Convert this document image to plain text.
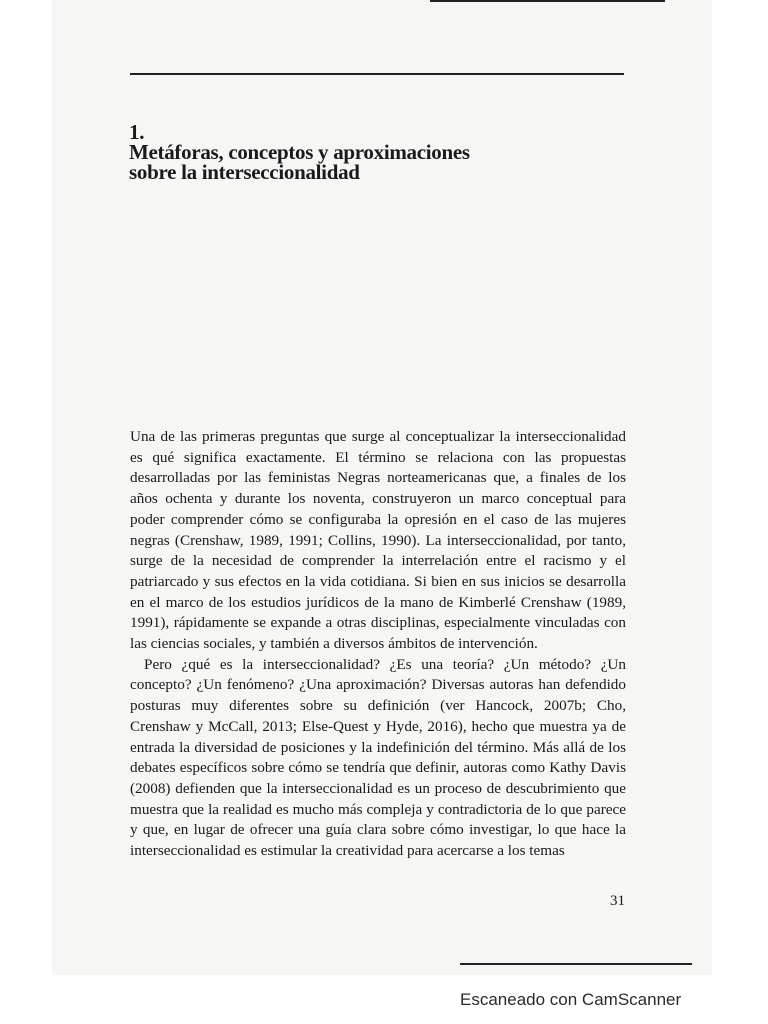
1.
Metáforas, conceptos y aproximaciones
sobre la interseccionalidad

Una de las primeras preguntas que surge al conceptualizar la interseccionalidad es qué significa exactamente. El término se relaciona con las propuestas desarrolladas por las feministas Negras norteamericanas que, a finales de los años ochenta y durante los noventa, construyeron un marco conceptual para poder comprender cómo se configuraba la opresión en el caso de las mujeres negras (Crenshaw, 1989, 1991; Collins, 1990). La interseccionalidad, por tanto, surge de la necesidad de comprender la interrelación entre el racismo y el patriarcado y sus efectos en la vida cotidiana. Si bien en sus inicios se desarrolla en el marco de los estudios jurídicos de la mano de Kimberlé Crenshaw (1989, 1991), rápidamente se expande a otras disciplinas, especialmente vinculadas con las ciencias sociales, y también a diversos ámbitos de intervención.

Pero ¿qué es la interseccionalidad? ¿Es una teoría? ¿Un método? ¿Un concepto? ¿Un fenómeno? ¿Una aproximación? Diversas autoras han defendido posturas muy diferentes sobre su definición (ver Hancock, 2007b; Cho, Crenshaw y McCall, 2013; Else-Quest y Hyde, 2016), hecho que muestra ya de entrada la diversidad de posiciones y la indefinición del término. Más allá de los debates específicos sobre cómo se tendría que definir, autoras como Kathy Davis (2008) defienden que la interseccionalidad es un proceso de descubrimiento que muestra que la realidad es mucho más compleja y contradictoria de lo que parece y que, en lugar de ofrecer una guía clara sobre cómo investigar, lo que hace la interseccionalidad es estimular la creatividad para acercarse a los temas

31
Escaneado con CamScanner
